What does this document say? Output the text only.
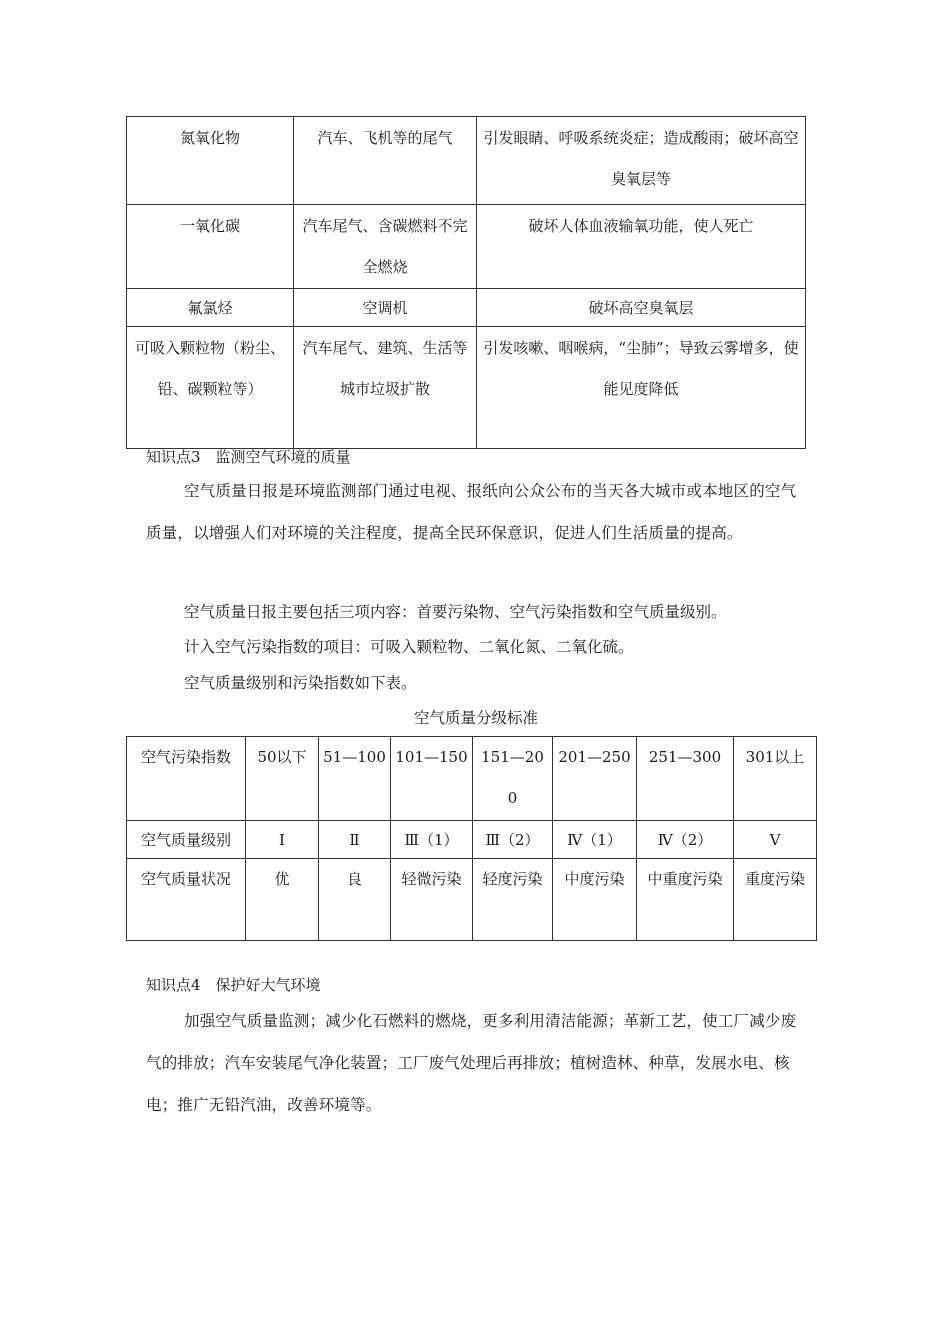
氮氧化物	汽车、飞机等的尾气	引发眼睛、呼吸系统炎症；造成酸雨；破坏高空臭氧层等
一氧化碳	汽车尾气、含碳燃料不完全燃烧	破坏人体血液输氧功能，使人死亡
氟氯烃	空调机	破坏高空臭氧层
可吸入颗粒物（粉尘、铅、碳颗粒等）	汽车尾气、建筑、生活等城市垃圾扩散	引发咳嗽、咽喉病，“尘肺”；导致云雾增多，使能见度降低
知识点3　监测空气环境的质量
空气质量日报是环境监测部门通过电视、报纸向公众公布的当天各大城市或本地区的空气质量，以增强人们对环境的关注程度，提高全民环保意识，促进人们生活质量的提高。
空气质量日报主要包括三项内容：首要污染物、空气污染指数和空气质量级别。
计入空气污染指数的项目：可吸入颗粒物、二氧化氮、二氧化硫。
空气质量级别和污染指数如下表。
空气质量分级标准
空气污染指数	50以下	51—100	101—150	151—200	201—250	251—300	301以上
空气质量级别	Ⅰ	Ⅱ	Ⅲ（1）	Ⅲ（2）	Ⅳ（1）	Ⅳ（2）	Ⅴ
空气质量状况	优	良	轻微污染	轻度污染	中度污染	中重度污染	重度污染
知识点4　保护好大气环境
加强空气质量监测；减少化石燃料的燃烧，更多利用清洁能源；革新工艺，使工厂减少废气的排放；汽车安装尾气净化装置；工厂废气处理后再排放；植树造林、种草，发展水电、核电；推广无铅汽油，改善环境等。
